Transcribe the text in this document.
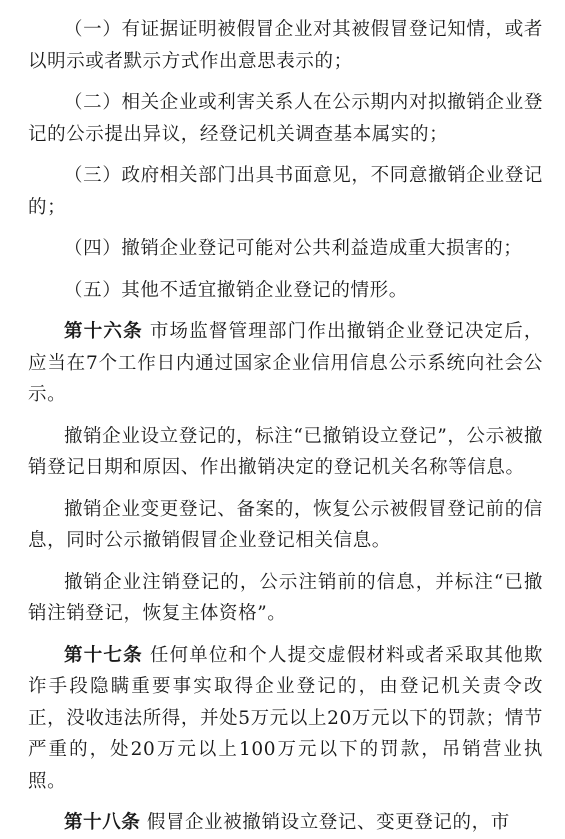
（一）有证据证明被假冒企业对其被假冒登记知情，或者以明示或者默示方式作出意思表示的；

（二）相关企业或利害关系人在公示期内对拟撤销企业登记的公示提出异议，经登记机关调查基本属实的；

（三）政府相关部门出具书面意见，不同意撤销企业登记的；

（四）撤销企业登记可能对公共利益造成重大损害的；

（五）其他不适宜撤销企业登记的情形。

第十六条 市场监督管理部门作出撤销企业登记决定后，应当在7个工作日内通过国家企业信用信息公示系统向社会公示。

撤销企业设立登记的，标注“已撤销设立登记”，公示被撤销登记日期和原因、作出撤销决定的登记机关名称等信息。

撤销企业变更登记、备案的，恢复公示被假冒登记前的信息，同时公示撤销假冒企业登记相关信息。

撤销企业注销登记的，公示注销前的信息，并标注“已撤销注销登记，恢复主体资格”。

第十七条 任何单位和个人提交虚假材料或者采取其他欺诈手段隐瞒重要事实取得企业登记的，由登记机关责令改正，没收违法所得，并处5万元以上20万元以下的罚款；情节严重的，处20万元以上100万元以下的罚款，吊销营业执照。

第十八条 假冒企业被撤销设立登记、变更登记的，市
